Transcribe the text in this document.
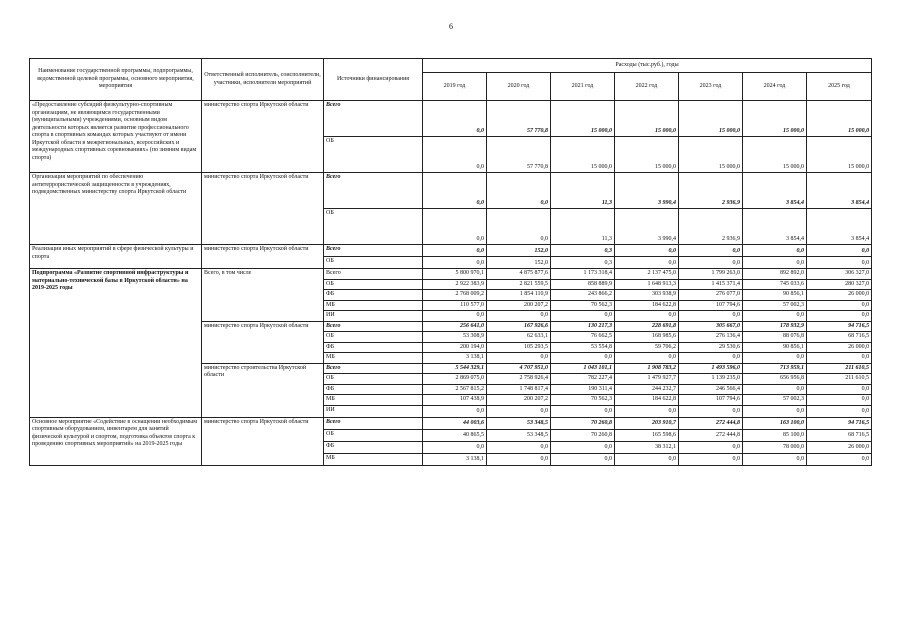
6
Наименование государственной программы, подпрограммы, ведомственной целевой программы, основного мероприятия, мероприятия	Ответственный исполнитель, соисполнители, участники, исполнители мероприятий	Источники финансирования	Расходы (тыс.руб.), годы						
			2019 год	2020 год	2021 год	2022 год	2023 год	2024 год	2025 год
«Предоставление субсидий физкультурно-спортивным организациям, не являющимся государственными (муниципальными) учреждениями, основным видом деятельности которых является развитие профессионального спорта в спортивных командах которых участвуют от имени Иркутской области в межрегиональных, всероссийских и международных спортивных соревнованиях» (по зимним видам спорта)	министерство спорта Иркутской области	Всего	0,0	57 770,8	15 000,0	15 000,0	15 000,0	15 000,0	15 000,0
		ОБ	0,0	57 770,8	15 000,0	15 000,0	15 000,0	15 000,0	15 000,0
Организация мероприятий по обеспечению антитеррористической защищенности в учреждениях, подведомственных министерству спорта Иркутской области	министерство спорта Иркутской области	Всего	0,0	0,0	11,3	3 990,4	2 936,9	3 854,4	3 854,4
		ОБ	0,0	0,0	11,3	3 990,4	2 936,9	3 854,4	3 854,4
Реализация иных мероприятий в сфере физической культуры и спорта	министерство спорта Иркутской области	Всего	0,0	152,0	0,3	0,0	0,0	0,0	0,0
		ОБ	0,0	152,0	0,3	0,0	0,0	0,0	0,0
Подпрограмма «Развитие спортивной инфраструктуры и материально-технической базы в Иркутской области» на 2019-2025 годы	Всего, в том числе	Всего	5 800 970,1	4 875 877,6	1 173 318,4	2 137 475,0	1 799 263,0	892 892,0	306 327,0
		ОБ	2 922 383,9	2 821 559,5	858 889,9	1 648 913,3	1 415 371,4	745 033,6	280 327,0
		ФБ	2 768 009,2	1 854 110,9	243 866,2	303 938,9	276 077,0	90 856,1	26 000,0
		МБ	110 577,0	200 207,2	70 562,3	184 622,8	107 794,6	57 002,3	0,0
		ИИ	0,0	0,0	0,0	0,0	0,0	0,0	0,0
	министерство спорта Иркутской области	Всего	256 641,0	167 926,6	130 217,3	228 691,8	305 667,0	178 932,9	94 716,5
		ОБ	53 308,9	62 633,1	76 662,5	168 985,6	276 136,4	88 076,8	68 716,5
		ФБ	200 194,0	105 293,5	53 554,8	59 706,2	29 530,6	90 856,1	26 000,0
		МБ	3 138,1	0,0	0,0	0,0	0,0	0,0	0,0
	министерство строительства Иркутской области	Всего	5 544 329,1	4 707 951,0	1 043 101,1	1 908 783,2	1 493 596,0	713 959,1	211 610,5
		ОБ	2 869 075,0	2 758 926,4	782 227,4	1 479 927,7	1 139 235,0	656 956,8	211 610,5
		ФБ	2 567 815,2	1 748 817,4	190 311,4	244 232,7	246 566,4	0,0	0,0
		МБ	107 438,9	200 207,2	70 562,3	184 622,8	107 794,6	57 002,3	0,0
		ИИ	0,0	0,0	0,0	0,0	0,0	0,0	0,0
Основное мероприятие «Содействие в оснащении необходимым спортивным оборудованием, инвентарем для занятий физической культурой и спортом, подготовка объектов спорта к проведению спортивных мероприятий» на 2019-2025 годы	министерство спорта Иркутской области	Всего	44 003,6	53 348,5	70 260,8	203 910,7	272 444,8	163 100,0	94 716,5
		ОБ	40 865,5	53 348,5	70 260,8	165 598,6	272 444,8	85 100,0	68 716,5
		ФБ	0,0	0,0	0,0	38 312,1	0,0	78 000,0	26 000,0
		МБ	3 138,1	0,0	0,0	0,0	0,0	0,0	0,0
